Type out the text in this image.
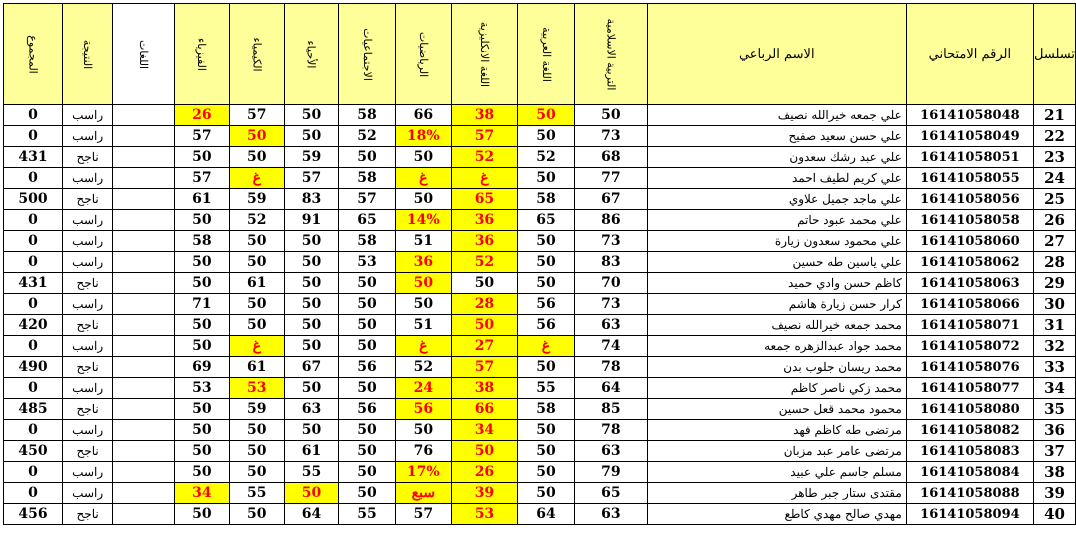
تسلسل	الرقم الامتحاني	الاسم الرباعي	التربية الاسلامية	اللغة العربية	اللغة الانكليزية	الرياضيات	الاجتماعيات	الأحياء	الكيمياء	الفيزياء	اللغات	النتيجة	المجموع
21	16141058048	علي جمعه خيرالله نصيف	50	50	38	66	58	50	57	26		راسب	0
22	16141058049	علي حسن سعيد صفيح	73	50	57	18%	52	50	50	57		راسب	0
23	16141058051	علي عبد رشك سعدون	68	52	52	50	50	59	50	50		ناجح	431
24	16141058055	علي كريم لطيف احمد	77	50	غ	غ	58	57	غ	57		راسب	0
25	16141058056	علي ماجد جميل علاوي	67	58	65	50	57	83	59	61		ناجح	500
26	16141058058	علي محمد عبود حاتم	86	65	36	14%	65	91	52	50		راسب	0
27	16141058060	علي محمود سعدون زيارة	73	50	36	51	58	50	50	58		راسب	0
28	16141058062	علي ياسين طه حسين	83	50	52	36	53	50	50	50		راسب	0
29	16141058063	كاظم حسن وادي حميد	70	50	50	50	50	50	61	50		ناجح	431
30	16141058066	كرار حسن زيارة هاشم	73	56	28	50	50	50	50	71		راسب	0
31	16141058071	محمد جمعه خيرالله نصيف	63	56	50	51	50	50	50	50		ناجح	420
32	16141058072	محمد جواد عبدالزهره جمعه	74	غ	27	غ	50	50	غ	50		راسب	0
33	16141058076	محمد ريسان جلوب بدن	78	50	57	52	56	67	61	69		ناجح	490
34	16141058077	محمد زكي ناصر كاظم	64	55	38	24	50	50	53	53		راسب	0
35	16141058080	محمود محمد قعل حسين	85	58	66	56	56	63	59	50		ناجح	485
36	16141058082	مرتضى طه كاظم فهد	78	50	34	50	50	50	50	50		راسب	0
37	16141058083	مرتضى عامر عبد مزبان	63	50	50	76	50	61	50	50		ناجح	450
38	16141058084	مسلم جاسم علي عبيد	79	50	26	17%	50	55	50	50		راسب	0
39	16141058088	مقتدى ستار جبر طاهر	65	50	39	سبع	50	50	55	34		راسب	0
40	16141058094	مهدي صالح مهدي كاطع	63	64	53	57	55	64	50	50		ناجح	456
